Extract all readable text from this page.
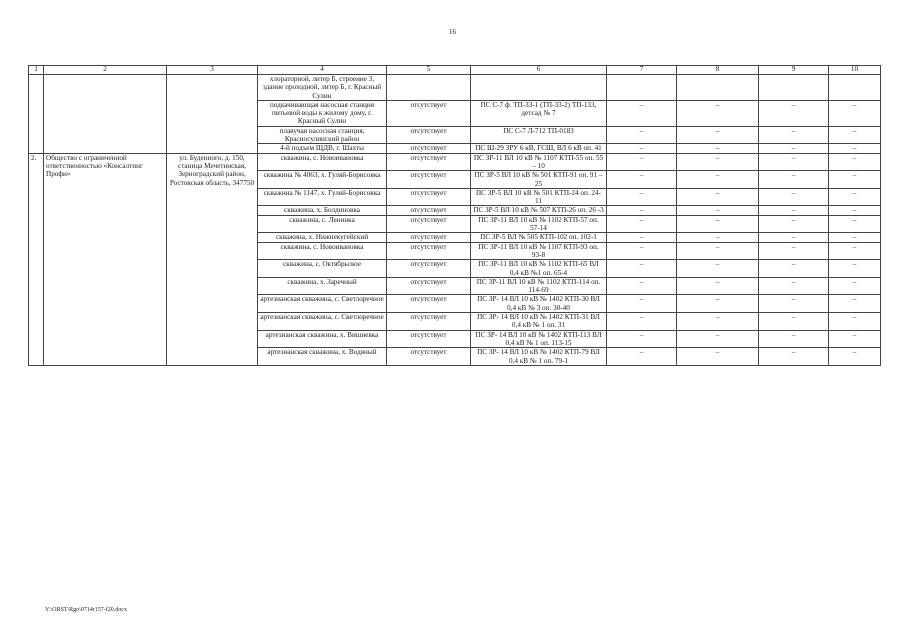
16
1	2	3	4	5	6	7	8	9	10
			хлораторной, литер Б, строение 3, здание проходной, литер Б, г. Красный Сулин						
			подкачивающая насосная станция питьевой воды к жилому дому, г. Красный Сулин	отсутствует	ПС С-7 ф. ТП-33-1 (ТП-33-2) ТП-133, детсад № 7	–	–	–	–
			плавучая насосная станция, Красносулинский район	отсутствует	ПС С-7 Л-712 ТП-0183	–	–	–	–
			4-й подъем ЩДВ, г. Шахты	отсутствует	ПС Ш-29 ЗРУ 6 кВ, ГСШ, ВЛ 6 кВ оп. 41	–	–	–	–
2.	Общество с ограниченной ответственностью «Консалтинг Профи»	ул. Буденного, д. 150, станица Мечетинская, Зерноградский район, Ростовская область, 347750	скважина, с. Новоивановка	отсутствует	ПС ЗР-11 ВЛ 10 кВ № 1107 КТП-55 оп. 55 – 10	–	–	–	–
			скважина № 4063, х. Гуляй-Борисовка	отсутствует	ПС ЗР-5 ВЛ 10 кВ № 501 КТП-91 оп. 91 – 25	–	–	–	–
			скважина № 1147, х. Гуляй-Борисовка	отсутствует	ПС ЗР-5 ВЛ 10 кВ № 501 КТП-24 оп. 24-11	–	–	–	–
			скважина, х. Болдиновка	отсутствует	ПС ЗР-5 ВЛ 10 кВ № 507 КТП-26 оп. 26 -3	–	–	–	–
			скважина, с. Ленинка	отсутствует	ПС ЗР-11 ВЛ 10 кВ № 1102 КТП-57 оп. 57-14	–	–	–	–
			скважина, х. Нижнекугейский	отсутствует	ПС ЗР-5 ВЛ № 505 КТП-102 оп. 102-1	–	–	–	–
			скважина, с. Новоивановка	отсутствует	ПС ЗР-11 ВЛ 10 кВ № 1107 КТП-93 оп. 93-8	–	–	–	–
			скважина, с. Октябрьское	отсутствует	ПС ЗР-11 ВЛ 10 кВ № 1102 КТП-65 ВЛ 0,4 кВ №1 оп. 65-4	–	–	–	–
			скважина, х. Заречный	отсутствует	ПС ЗР-11 ВЛ 10 кВ № 1102 КТП-114 оп. 114-69	–	–	–	–
			артезианская скважина, с. Светлоречное	отсутствует	ПС ЗР- 14 ВЛ 10 кВ № 1402 КТП-30 ВЛ 0,4 кВ № 3 оп. 30-40	–	–	–	–
			артезианская скважина, с. Светлоречное	отсутствует	ПС ЗР- 14 ВЛ 10 кВ № 1402 КТП-31 ВЛ 0,4 кВ № 1 оп. 31	–	–	–	–
			артезианская скважина, х. Вишневка	отсутствует	ПС ЗР- 14 ВЛ 10 кВ № 1402 КТП-113 ВЛ 0,4 кВ № 1 оп. 113-15	–	–	–	–
			артезианская скважина, х. Водяный	отсутствует	ПС ЗР- 14 ВЛ 10 кВ № 1402 КТП-79 ВЛ 0,4 кВ № 1 оп. 79-1	–	–	–	–
Y:\ORST\Rgo\0714r157-f20.docx
